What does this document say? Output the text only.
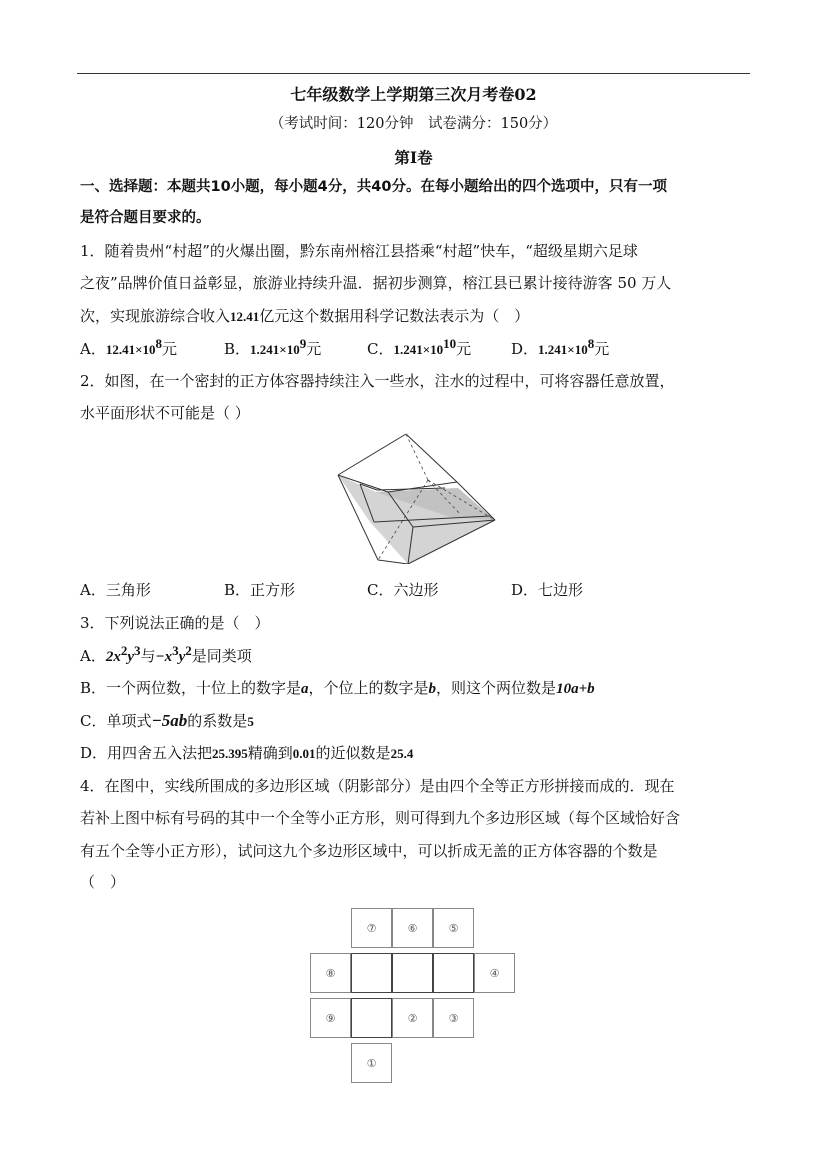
七年级数学上学期第三次月考卷02
（考试时间：120分钟　试卷满分：150分）
第Ⅰ卷
一、选择题：本题共10小题，每小题4分，共40分。在每小题给出的四个选项中，只有一项
是符合题目要求的。
1．随着贵州“村超”的火爆出圈，黔东南州榕江县搭乘“村超”快车，“超级星期六足球
之夜”品牌价值日益彰显，旅游业持续升温．据初步测算，榕江县已累计接待游客 50 万人
次，实现旅游综合收入12.41亿元这个数据用科学记数法表示为（　）
A．$12.41\times 10^8$元	B．$1.241\times 10^9$元	C．$1.241\times 10^{10}$元	D．$1.241\times 10^8$元
2．如图，在一个密封的正方体容器持续注入一些水，注水的过程中，可将容器任意放置，
水平面形状不可能是（ ）
A．三角形	B．正方形	C．六边形	D．七边形
3．下列说法正确的是（　）
A．$2x^2y^3$与$-x^3y^2$是同类项
B．一个两位数，十位上的数字是a，个位上的数字是b，则这个两位数是10a+b
C．单项式−5ab的系数是5
D．用四舍五入法把25.395精确到0.01的近似数是25.4
4．在图中，实线所围成的多边形区域（阴影部分）是由四个全等正方形拼接而成的．现在
若补上图中标有号码的其中一个全等小正方形，则可得到九个多边形区域（每个区域恰好含
有五个全等小正方形），试问这九个多边形区域中，可以折成无盖的正方体容器的个数是
（　）
⑦	⑥	⑤
⑧	④
⑨	②	③
①
